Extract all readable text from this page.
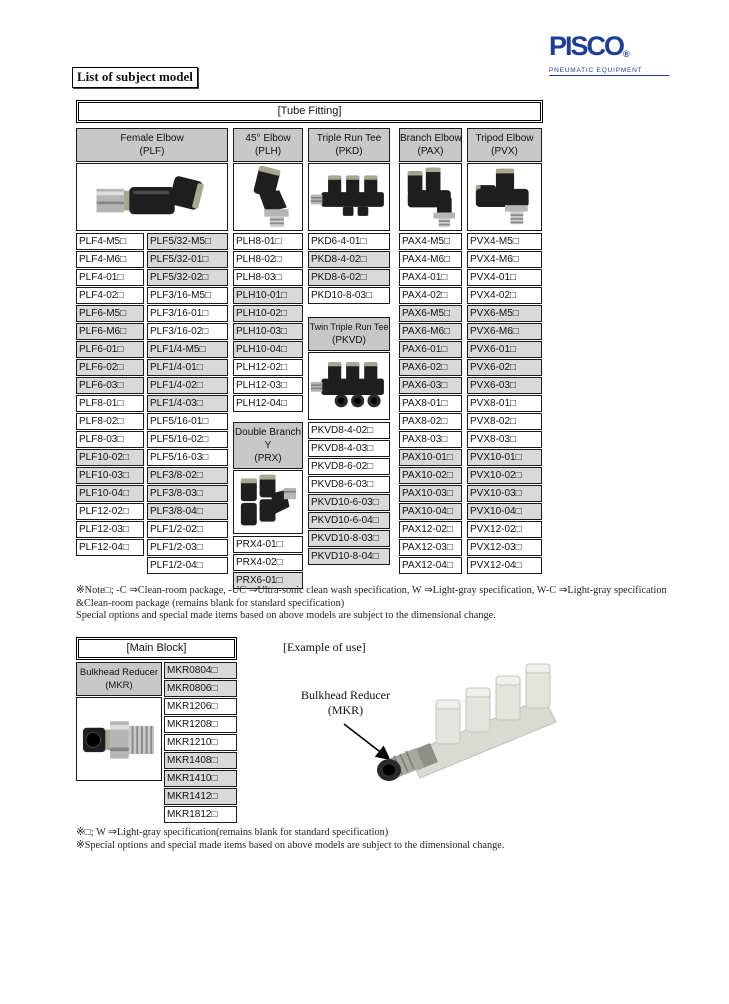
PISCO®
PNEUMATIC EQUIPMENT
List of subject model
[Tube Fitting]
Female Elbow
(PLF)
PLF4-M5□
PLF4-M6□
PLF4-01□
PLF4-02□
PLF6-M5□
PLF6-M6□
PLF6-01□
PLF6-02□
PLF6-03□
PLF8-01□
PLF8-02□
PLF8-03□
PLF10-02□
PLF10-03□
PLF10-04□
PLF12-02□
PLF12-03□
PLF12-04□
PLF5/32-M5□
PLF5/32-01□
PLF5/32-02□
PLF3/16-M5□
PLF3/16-01□
PLF3/16-02□
PLF1/4-M5□
PLF1/4-01□
PLF1/4-02□
PLF1/4-03□
PLF5/16-01□
PLF5/16-02□
PLF5/16-03□
PLF3/8-02□
PLF3/8-03□
PLF3/8-04□
PLF1/2-02□
PLF1/2-03□
PLF1/2-04□
45° Elbow
(PLH)
PLH8-01□
PLH8-02□
PLH8-03□
PLH10-01□
PLH10-02□
PLH10-03□
PLH10-04□
PLH12-02□
PLH12-03□
PLH12-04□
Double Branch
Y
(PRX)
PRX4-01□
PRX4-02□
PRX6-01□
Triple Run Tee
(PKD)
PKD6-4-01□
PKD8-4-02□
PKD8-6-02□
PKD10-8-03□
Twin Triple Run Tee
(PKVD)
PKVD8-4-02□
PKVD8-4-03□
PKVD8-6-02□
PKVD8-6-03□
PKVD10-6-03□
PKVD10-6-04□
PKVD10-8-03□
PKVD10-8-04□
Branch Elbow
(PAX)
PAX4-M5□
PAX4-M6□
PAX4-01□
PAX4-02□
PAX6-M5□
PAX6-M6□
PAX6-01□
PAX6-02□
PAX6-03□
PAX8-01□
PAX8-02□
PAX8-03□
PAX10-01□
PAX10-02□
PAX10-03□
PAX10-04□
PAX12-02□
PAX12-03□
PAX12-04□
Tripod Elbow
(PVX)
PVX4-M5□
PVX4-M6□
PVX4-01□
PVX4-02□
PVX6-M5□
PVX6-M6□
PVX6-01□
PVX6-02□
PVX6-03□
PVX8-01□
PVX8-02□
PVX8-03□
PVX10-01□
PVX10-02□
PVX10-03□
PVX10-04□
PVX12-02□
PVX12-03□
PVX12-04□
※Note□; -C ⇒Clean-room package, -UC ⇒Ultra-sonic clean wash specification, W ⇒Light-gray specification, W-C ⇒Light-gray specification
&Clean-room package (remains blank for standard specification)
Special options and special made items based on above models are subject to the dimensional change.
[Main Block]
Bulkhead Reducer
(MKR)
MKR0804□
MKR0806□
MKR1206□
MKR1208□
MKR1210□
MKR1408□
MKR1410□
MKR1412□
MKR1812□
[Example of use]
Bulkhead Reducer
(MKR)
※□; W ⇒Light-gray specification(remains blank for standard specification)
※Special options and special made items based on above models are subject to the dimensional change.
